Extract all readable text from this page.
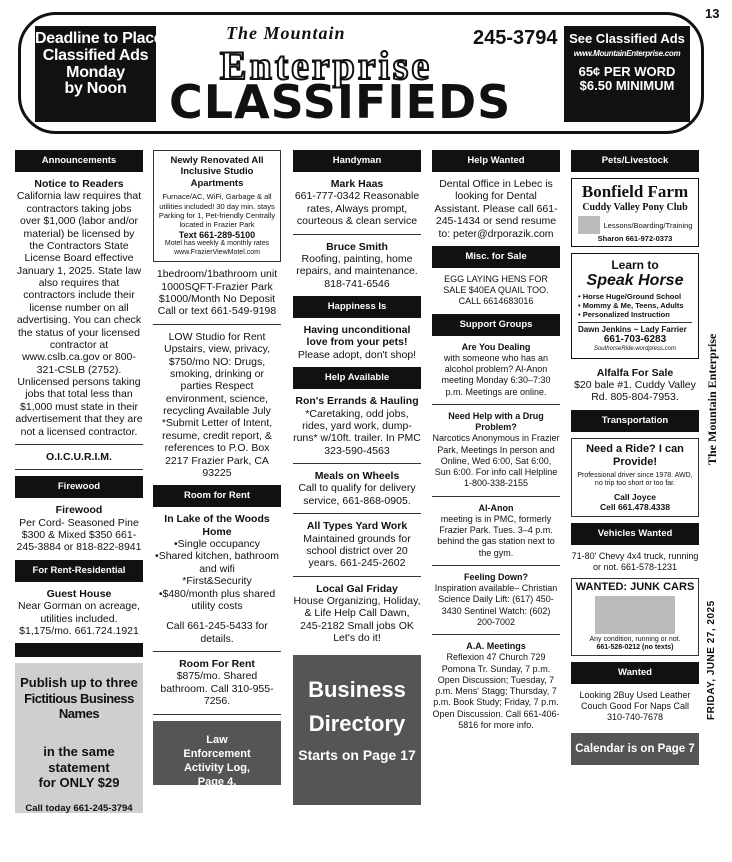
13
Deadline to Place
Classified Ads
Monday
by Noon
The Mountain
Enterprise
CLASSIFIEDS
245-3794 See Classified Ads
www.MountainEnterprise.com
65¢ PER WORD
$6.50 MINIMUM
The Mountain Enterprise
FRIDAY, JUNE 27, 2025
Announcements
Notice to Readers
California law requires that contractors taking jobs over $1,000 (labor and/or material) be licensed by the Contractors State License Board effective January 1, 2025. State law also requires that contractors include their license number on all advertising. You can check the status of your licensed contractor at www.cslb.ca.gov or 800-321-CSLB (2752). Unlicensed persons taking jobs that total less than $1,000 must state in their advertisement that they are not a licensed contractor.
O.I.C.U.R.I.M.
Firewood
Firewood
Per Cord- Seasoned Pine $300 & Mixed $350 661-245-3884 or 818-822-8941
For Rent-Residential
Guest House
Near Gorman on acreage, utilities included. $1,175/mo. 661.724.1921
Publish up to three
Fictitious Business Names
in the same statement
for ONLY $29
Call today 661-245-3794
Newly Renovated All Inclusive Studio Apartments
Furnace/AC, WiFi, Garbage & all utilities included! 30 day min. stays Parking for 1, Pet-friendly Centrally located in Frazier Park
Text 661-289-5100
Motel has weekly & monthly rates
www.FrazierViewMotel.com
1bedroom/1bathroom unit 1000SQFT-Frazier Park $1000/Month No Deposit Call or text 661-549-9198
LOW Studio for Rent Upstairs, view, privacy, $750/mo NO: Drugs, smoking, drinking or parties Respect environment, science, recycling Available July *Submit Letter of Intent, resume, credit report, & references to P.O. Box 2217 Frazier Park, CA 93225
Room for Rent
In Lake of the Woods Home
•Single occupancy
•Shared kitchen, bathroom and wifi
*First&Security
•$480/month plus shared utility costs
Call 661-245-5433 for details.
Room For Rent
$875/mo. Shared bathroom. Call 310-955-7256.
Law Enforcement Activity Log, Page 4.
Handyman
Mark Haas
661-777-0342 Reasonable rates, Always prompt, courteous & clean service
Bruce Smith
Roofing, painting, home repairs, and maintenance. 818-741-6546
Happiness Is
Having unconditional love from your pets!
Please adopt, don't shop!
Help Available
Ron's Errands & Hauling
*Caretaking, odd jobs, rides, yard work, dump-runs* w/10ft. trailer. In PMC 323-590-4563
Meals on Wheels
Call to qualify for delivery service, 661-868-0905.
All Types Yard Work
Maintained grounds for school district over 20 years. 661-245-2602
Local Gal Friday
House Organizing, Holiday, & Life Help Call Dawn, 245-2182 Small jobs OK Let's do it!
Business
Directory
Starts on Page 17
Help Wanted
Dental Office in Lebec is looking for Dental Assistant. Please call 661-245-1434 or send resume to: peter@drporazik.com
Misc. for Sale
EGG LAYING HENS FOR SALE $40EA QUAIL TOO. CALL 6614683016
Support Groups
Are You Dealing
with someone who has an alcohol problem? Al-Anon meeting Monday 6:30–7:30 p.m. Meetings are online.
Need Help with a Drug Problem?
Narcotics Anonymous in Frazier Park, Meetings In person and Online, Wed 6:00, Sat 6:00, Sun 6:00. For info call Helpline 1-800-338-2155
Al-Anon
meeting is in PMC, formerly Frazier Park. Tues. 3–4 p.m. behind the gas station next to the gym.
Feeling Down?
Inspiration available– Christian Science Daily Lift: (617) 450-3430 Sentinel Watch: (602) 200-7002
A.A. Meetings
Reflexion 47 Church 729 Pomona Tr. Sunday, 7 p.m. Open Discussion; Tuesday, 7 p.m. Mens' Stagg; Thursday, 7 p.m. Book Study; Friday, 7 p.m. Open Discussion. Call 661-406-5816 for more info.
Pets/Livestock
Bonfield Farm
Cuddy Valley Pony Club
Lessons/Boarding/Training
Sharon 661-972-0373
Learn to
Speak Horse
• Horse Huge/Ground School
• Mommy & Me, Teens, Adults
• Personalized Instruction
Dawn Jenkins ~ Lady Farrier
661-703-6283
SouthorseRide.wordpress.com
Alfalfa For Sale
$20 bale #1. Cuddy Valley Rd. 805-804-7953.
Transportation
Need a Ride? I can Provide!
Professional driver since 1978. AWD, no trip too short or too far.
Call Joyce
Cell 661.478.4338
Vehicles Wanted
71-80' Chevy 4x4 truck, running or not. 661-578-1231
WANTED: JUNK CARS
Any condition, running or not.
661-528-0212 (no texts)
Wanted
Looking 2Buy Used Leather Couch Good For Naps Call 310-740-7678
Calendar is on Page 7
